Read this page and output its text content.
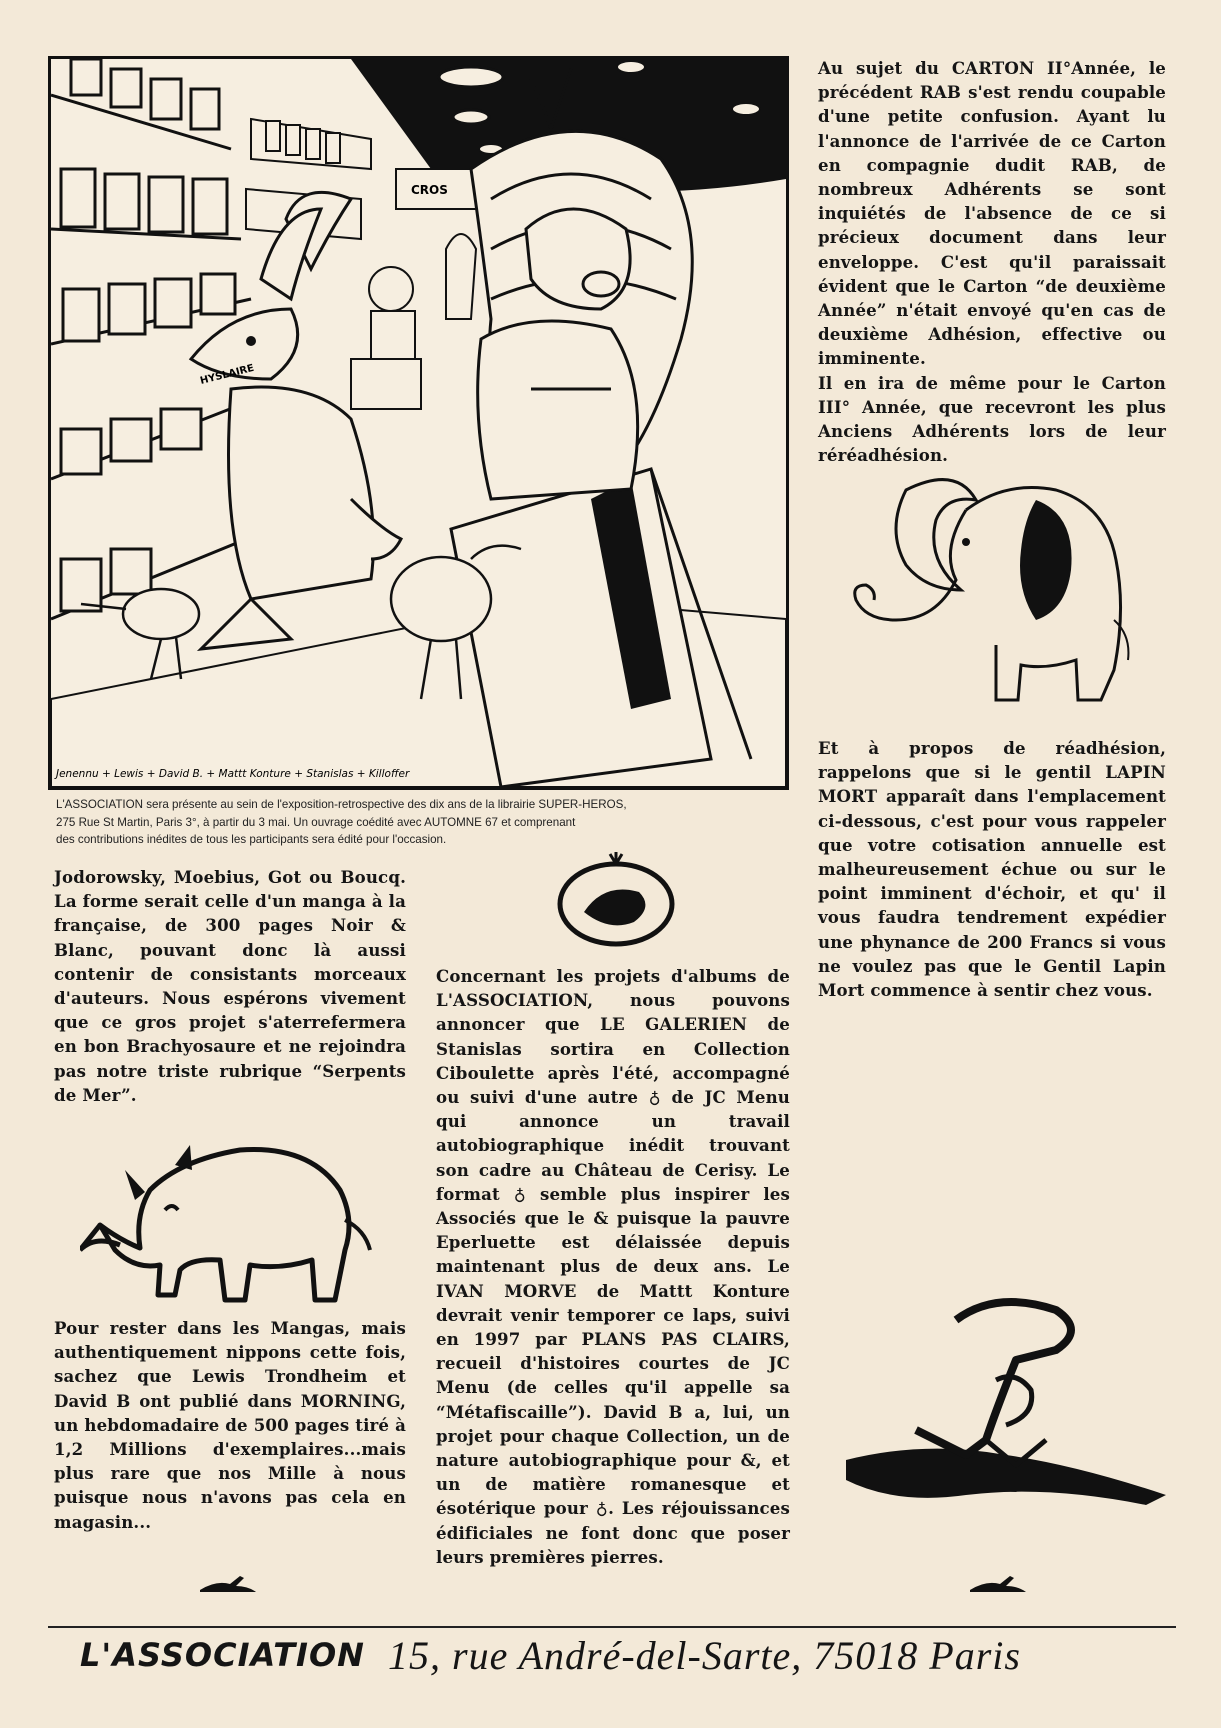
CROS
HYSLAIRE
Jenennu + Lewis + David B. + Mattt Konture + Stanislas + Killoffer
L'ASSOCIATION sera présente au sein de l'exposition-retrospective des dix ans de la librairie SUPER-HEROS,
275 Rue St Martin, Paris 3°, à partir du 3 mai. Un ouvrage coédité avec AUTOMNE 67 et comprenant
des contributions inédites de tous les participants sera édité pour l'occasion.

Jodorowsky, Moebius, Got ou Boucq. La forme serait celle d'un manga à la française, de 300 pages Noir & Blanc, pouvant donc là aussi contenir de consistants morceaux d'auteurs. Nous espérons vivement que ce gros projet s'aterrefermera en bon Brachyosaure et ne rejoindra pas notre triste rubrique “Serpents de Mer”.

Pour rester dans les Mangas, mais authentiquement nippons cette fois, sachez que Lewis Trondheim et David B ont publié dans MORNING, un hebdomadaire de 500 pages tiré à 1,2 Millions d'exemplaires...mais plus rare que nos Mille à nous puisque nous n'avons pas cela en magasin...

Concernant les projets d'albums de L'ASSOCIATION, nous pouvons annoncer que LE GALERIEN de Stanislas sortira en Collection Ciboulette après l'été, accompagné ou suivi d'une autre ♁ de JC Menu qui annonce un travail autobiographique inédit trouvant son cadre au Château de Cerisy. Le format ♁ semble plus inspirer les Associés que le & puisque la pauvre Eperluette est délaissée depuis maintenant plus de deux ans. Le IVAN MORVE de Mattt Konture devrait venir temporer ce laps, suivi en 1997 par PLANS PAS CLAIRS, recueil d'histoires courtes de JC Menu (de celles qu'il appelle sa “Métafiscaille”). David B a, lui, un projet pour chaque Collection, un de nature autobiographique pour &, et un de matière romanesque et ésotérique pour ♁. Les réjouissances édificiales ne font donc que poser leurs premières pierres.

Au sujet du CARTON II°Année, le précédent RAB s'est rendu coupable d'une petite confusion. Ayant lu l'annonce de l'arrivée de ce Carton en compagnie dudit RAB, de nombreux Adhérents se sont inquiétés de l'absence de ce si précieux document dans leur enveloppe. C'est qu'il paraissait évident que le Carton “de deuxième Année” n'était envoyé qu'en cas de deuxième Adhésion, effective ou imminente.

Il en ira de même pour le Carton III° Année, que recevront les plus Anciens Adhérents lors de leur réréadhésion.

Et à propos de réadhésion, rappelons que si le gentil LAPIN MORT apparaît dans l'emplacement ci-dessous, c'est pour vous rappeler que votre cotisation annuelle est malheureusement échue ou sur le point imminent d'échoir, et qu' il vous faudra tendrement expédier une phynance de 200 Francs si vous ne voulez pas que le Gentil Lapin Mort commence à sentir chez vous.

L'ASSOCIATION 15, rue André-del-Sarte, 75018 Paris
